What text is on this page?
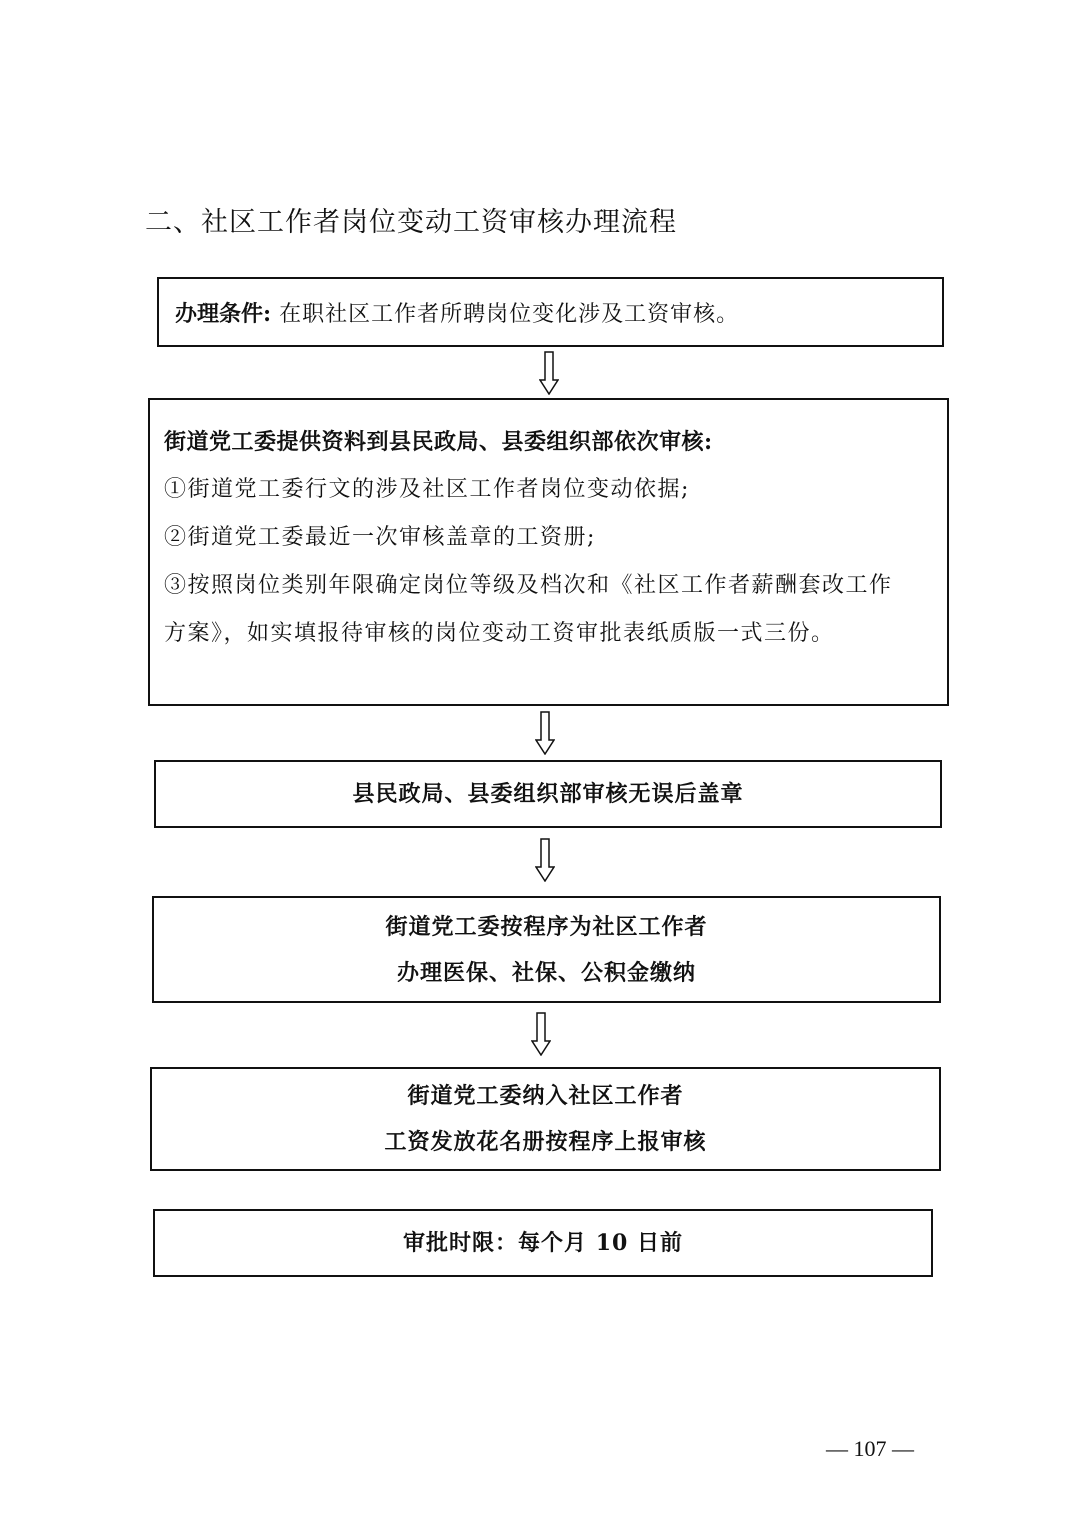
二、社区工作者岗位变动工资审核办理流程
办理条件: 在职社区工作者所聘岗位变化涉及工资审核。
街道党工委提供资料到县民政局、县委组织部依次审核:
①街道党工委行文的涉及社区工作者岗位变动依据;
②街道党工委最近一次审核盖章的工资册;
③按照岗位类别年限确定岗位等级及档次和《社区工作者薪酬套改工作
方案》，如实填报待审核的岗位变动工资审批表纸质版一式三份。
县民政局、县委组织部审核无误后盖章
街道党工委按程序为社区工作者
办理医保、社保、公积金缴纳
街道党工委纳入社区工作者
工资发放花名册按程序上报审核
审批时限：每个月 10 日前
— 107 —
